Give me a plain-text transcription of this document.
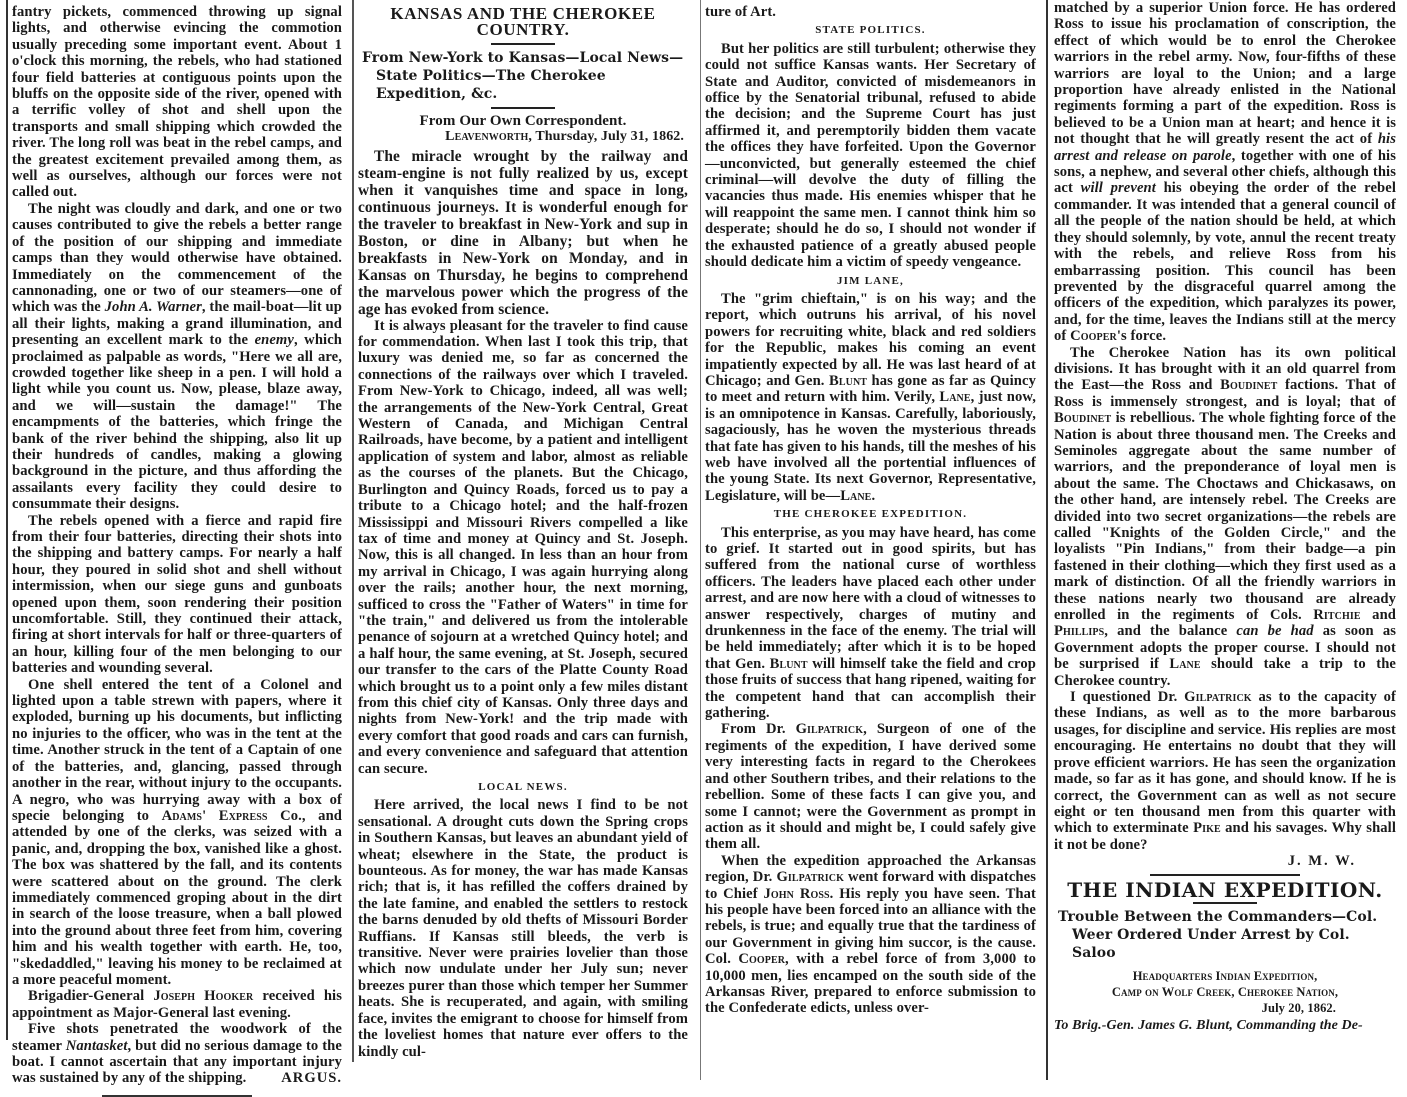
fantry pickets, commenced throwing up signal lights, and otherwise evincing the commotion usually preceding some important event. About 1 o'clock this morning, the rebels, who had stationed four field batteries at contiguous points upon the bluffs on the opposite side of the river, opened with a terrific volley of shot and shell upon the transports and small shipping which crowded the river. The long roll was beat in the rebel camps, and the greatest excitement prevailed among them, as well as ourselves, although our forces were not called out.

The night was cloudly and dark, and one or two causes contributed to give the rebels a better range of the position of our shipping and immediate camps than they would otherwise have obtained. Immediately on the commencement of the cannonading, one or two of our steamers—one of which was the John A. Warner, the mail-boat—lit up all their lights, making a grand illumination, and presenting an excellent mark to the enemy, which proclaimed as palpable as words, "Here we all are, crowded together like sheep in a pen. I will hold a light while you count us. Now, please, blaze away, and we will—sustain the damage!" The encampments of the batteries, which fringe the bank of the river behind the shipping, also lit up their hundreds of candles, making a glowing background in the picture, and thus affording the assailants every facility they could desire to consummate their designs.

The rebels opened with a fierce and rapid fire from their four batteries, directing their shots into the shipping and battery camps. For nearly a half hour, they poured in solid shot and shell without intermission, when our siege guns and gunboats opened upon them, soon rendering their position uncomfortable. Still, they continued their attack, firing at short intervals for half or three-quarters of an hour, killing four of the men belonging to our batteries and wounding several.

One shell entered the tent of a Colonel and lighted upon a table strewn with papers, where it exploded, burning up his documents, but inflicting no injuries to the officer, who was in the tent at the time. Another struck in the tent of a Captain of one of the batteries, and, glancing, passed through another in the rear, without injury to the occupants. A negro, who was hurrying away with a box of specie belonging to Adams' Express Co., and attended by one of the clerks, was seized with a panic, and, dropping the box, vanished like a ghost. The box was shattered by the fall, and its contents were scattered about on the ground. The clerk immediately commenced groping about in the dirt in search of the loose treasure, when a ball plowed into the ground about three feet from him, covering him and his wealth together with earth. He, too, "skedaddled," leaving his money to be reclaimed at a more peaceful moment.

Brigadier-General Joseph Hooker received his appointment as Major-General last evening.

Five shots penetrated the woodwork of the steamer Nantasket, but did no serious damage to the boat. I cannot ascertain that any important injury was sustained by any of the shipping.	ARGUS.

KANSAS AND THE CHEROKEE COUNTRY.
From New-York to Kansas—Local News—State Politics—The Cherokee Expedition, &c.
From Our Own Correspondent.
Leavenworth, Thursday, July 31, 1862.

The miracle wrought by the railway and steam-engine is not fully realized by us, except when it vanquishes time and space in long, continuous journeys. It is wonderful enough for the traveler to breakfast in New-York and sup in Boston, or dine in Albany; but when he breakfasts in New-York on Monday, and in Kansas on Thursday, he begins to comprehend the marvelous power which the progress of the age has evoked from science.

It is always pleasant for the traveler to find cause for commendation. When last I took this trip, that luxury was denied me, so far as concerned the connections of the railways over which I traveled. From New-York to Chicago, indeed, all was well; the arrangements of the New-York Central, Great Western of Canada, and Michigan Central Railroads, have become, by a patient and intelligent application of system and labor, almost as reliable as the courses of the planets. But the Chicago, Burlington and Quincy Roads, forced us to pay a tribute to a Chicago hotel; and the half-frozen Mississippi and Missouri Rivers compelled a like tax of time and money at Quincy and St. Joseph. Now, this is all changed. In less than an hour from my arrival in Chicago, I was again hurrying along over the rails; another hour, the next morning, sufficed to cross the "Father of Waters" in time for "the train," and delivered us from the intolerable penance of sojourn at a wretched Quincy hotel; and a half hour, the same evening, at St. Joseph, secured our transfer to the cars of the Platte County Road which brought us to a point only a few miles distant from this chief city of Kansas. Only three days and nights from New-York! and the trip made with every comfort that good roads and cars can furnish, and every convenience and safeguard that attention can secure.

LOCAL NEWS.

Here arrived, the local news I find to be not sensational. A drought cuts down the Spring crops in Southern Kansas, but leaves an abundant yield of wheat; elsewhere in the State, the product is bounteous. As for money, the war has made Kansas rich; that is, it has refilled the coffers drained by the late famine, and enabled the settlers to restock the barns denuded by old thefts of Missouri Border Ruffians. If Kansas still bleeds, the verb is transitive. Never were prairies lovelier than those which now undulate under her July sun; never breezes purer than those which temper her Summer heats. She is recuperated, and again, with smiling face, invites the emigrant to choose for himself from the loveliest homes that nature ever offers to the kindly cul-

ture of Art.

STATE POLITICS.

But her politics are still turbulent; otherwise they could not suffice Kansas wants. Her Secretary of State and Auditor, convicted of misdemeanors in office by the Senatorial tribunal, refused to abide the decision; and the Supreme Court has just affirmed it, and peremptorily bidden them vacate the offices they have forfeited. Upon the Governor—unconvicted, but generally esteemed the chief criminal—will devolve the duty of filling the vacancies thus made. His enemies whisper that he will reappoint the same men. I cannot think him so desperate; should he do so, I should not wonder if the exhausted patience of a greatly abused people should dedicate him a victim of speedy vengeance.

JIM LANE,

The "grim chieftain," is on his way; and the report, which outruns his arrival, of his novel powers for recruiting white, black and red soldiers for the Republic, makes his coming an event impatiently expected by all. He was last heard of at Chicago; and Gen. Blunt has gone as far as Quincy to meet and return with him. Verily, Lane, just now, is an omnipotence in Kansas. Carefully, laboriously, sagaciously, has he woven the mysterious threads that fate has given to his hands, till the meshes of his web have involved all the portential influences of the young State. Its next Governor, Representative, Legislature, will be—Lane.

THE CHEROKEE EXPEDITION.

This enterprise, as you may have heard, has come to grief. It started out in good spirits, but has suffered from the national curse of worthless officers. The leaders have placed each other under arrest, and are now here with a cloud of witnesses to answer respectively, charges of mutiny and drunkenness in the face of the enemy. The trial will be held immediately; after which it is to be hoped that Gen. Blunt will himself take the field and crop those fruits of success that hang ripened, waiting for the competent hand that can accomplish their gathering.

From Dr. Gilpatrick, Surgeon of one of the regiments of the expedition, I have derived some very interesting facts in regard to the Cherokees and other Southern tribes, and their relations to the rebellion. Some of these facts I can give you, and some I cannot; were the Government as prompt in action as it should and might be, I could safely give them all.

When the expedition approached the Arkansas region, Dr. Gilpatrick went forward with dispatches to Chief John Ross. His reply you have seen. That his people have been forced into an alliance with the rebels, is true; and equally true that the tardiness of our Government in giving him succor, is the cause. Col. Cooper, with a rebel force of from 3,000 to 10,000 men, lies encamped on the south side of the Arkansas River, prepared to enforce submission to the Confederate edicts, unless over-

matched by a superior Union force. He has ordered Ross to issue his proclamation of conscription, the effect of which would be to enrol the Cherokee warriors in the rebel army. Now, four-fifths of these warriors are loyal to the Union; and a large proportion have already enlisted in the National regiments forming a part of the expedition. Ross is believed to be a Union man at heart; and hence it is not thought that he will greatly resent the act of his arrest and release on parole, together with one of his sons, a nephew, and several other chiefs, although this act will prevent his obeying the order of the rebel commander. It was intended that a general council of all the people of the nation should be held, at which they should solemnly, by vote, annul the recent treaty with the rebels, and relieve Ross from his embarrassing position. This council has been prevented by the disgraceful quarrel among the officers of the expedition, which paralyzes its power, and, for the time, leaves the Indians still at the mercy of Cooper's force.

The Cherokee Nation has its own political divisions. It has brought with it an old quarrel from the East—the Ross and Boudinet factions. That of Ross is immensely strongest, and is loyal; that of Boudinet is rebellious. The whole fighting force of the Nation is about three thousand men. The Creeks and Seminoles aggregate about the same number of warriors, and the preponderance of loyal men is about the same. The Choctaws and Chickasaws, on the other hand, are intensely rebel. The Creeks are divided into two secret organizations—the rebels are called "Knights of the Golden Circle," and the loyalists "Pin Indians," from their badge—a pin fastened in their clothing—which they first used as a mark of distinction. Of all the friendly warriors in these nations nearly two thousand are already enrolled in the regiments of Cols. Ritchie and Phillips, and the balance can be had as soon as Government adopts the proper course. I should not be surprised if Lane should take a trip to the Cherokee country.

I questioned Dr. Gilpatrick as to the capacity of these Indians, as well as to the more barbarous usages, for discipline and service. His replies are most encouraging. He entertains no doubt that they will prove efficient warriors. He has seen the organization made, so far as it has gone, and should know. If he is correct, the Government can as well as not secure eight or ten thousand men from this quarter with which to exterminate Pike and his savages. Why shall it not be done?

J. M. W.
THE INDIAN EXPEDITION.
Trouble Between the Commanders—Col. Weer Ordered Under Arrest by Col. Saloo
Headquarters Indian Expedition,
Camp on Wolf Creek, Cherokee Nation,
July 20, 1862.
To Brig.-Gen. James G. Blunt, Commanding the De-
